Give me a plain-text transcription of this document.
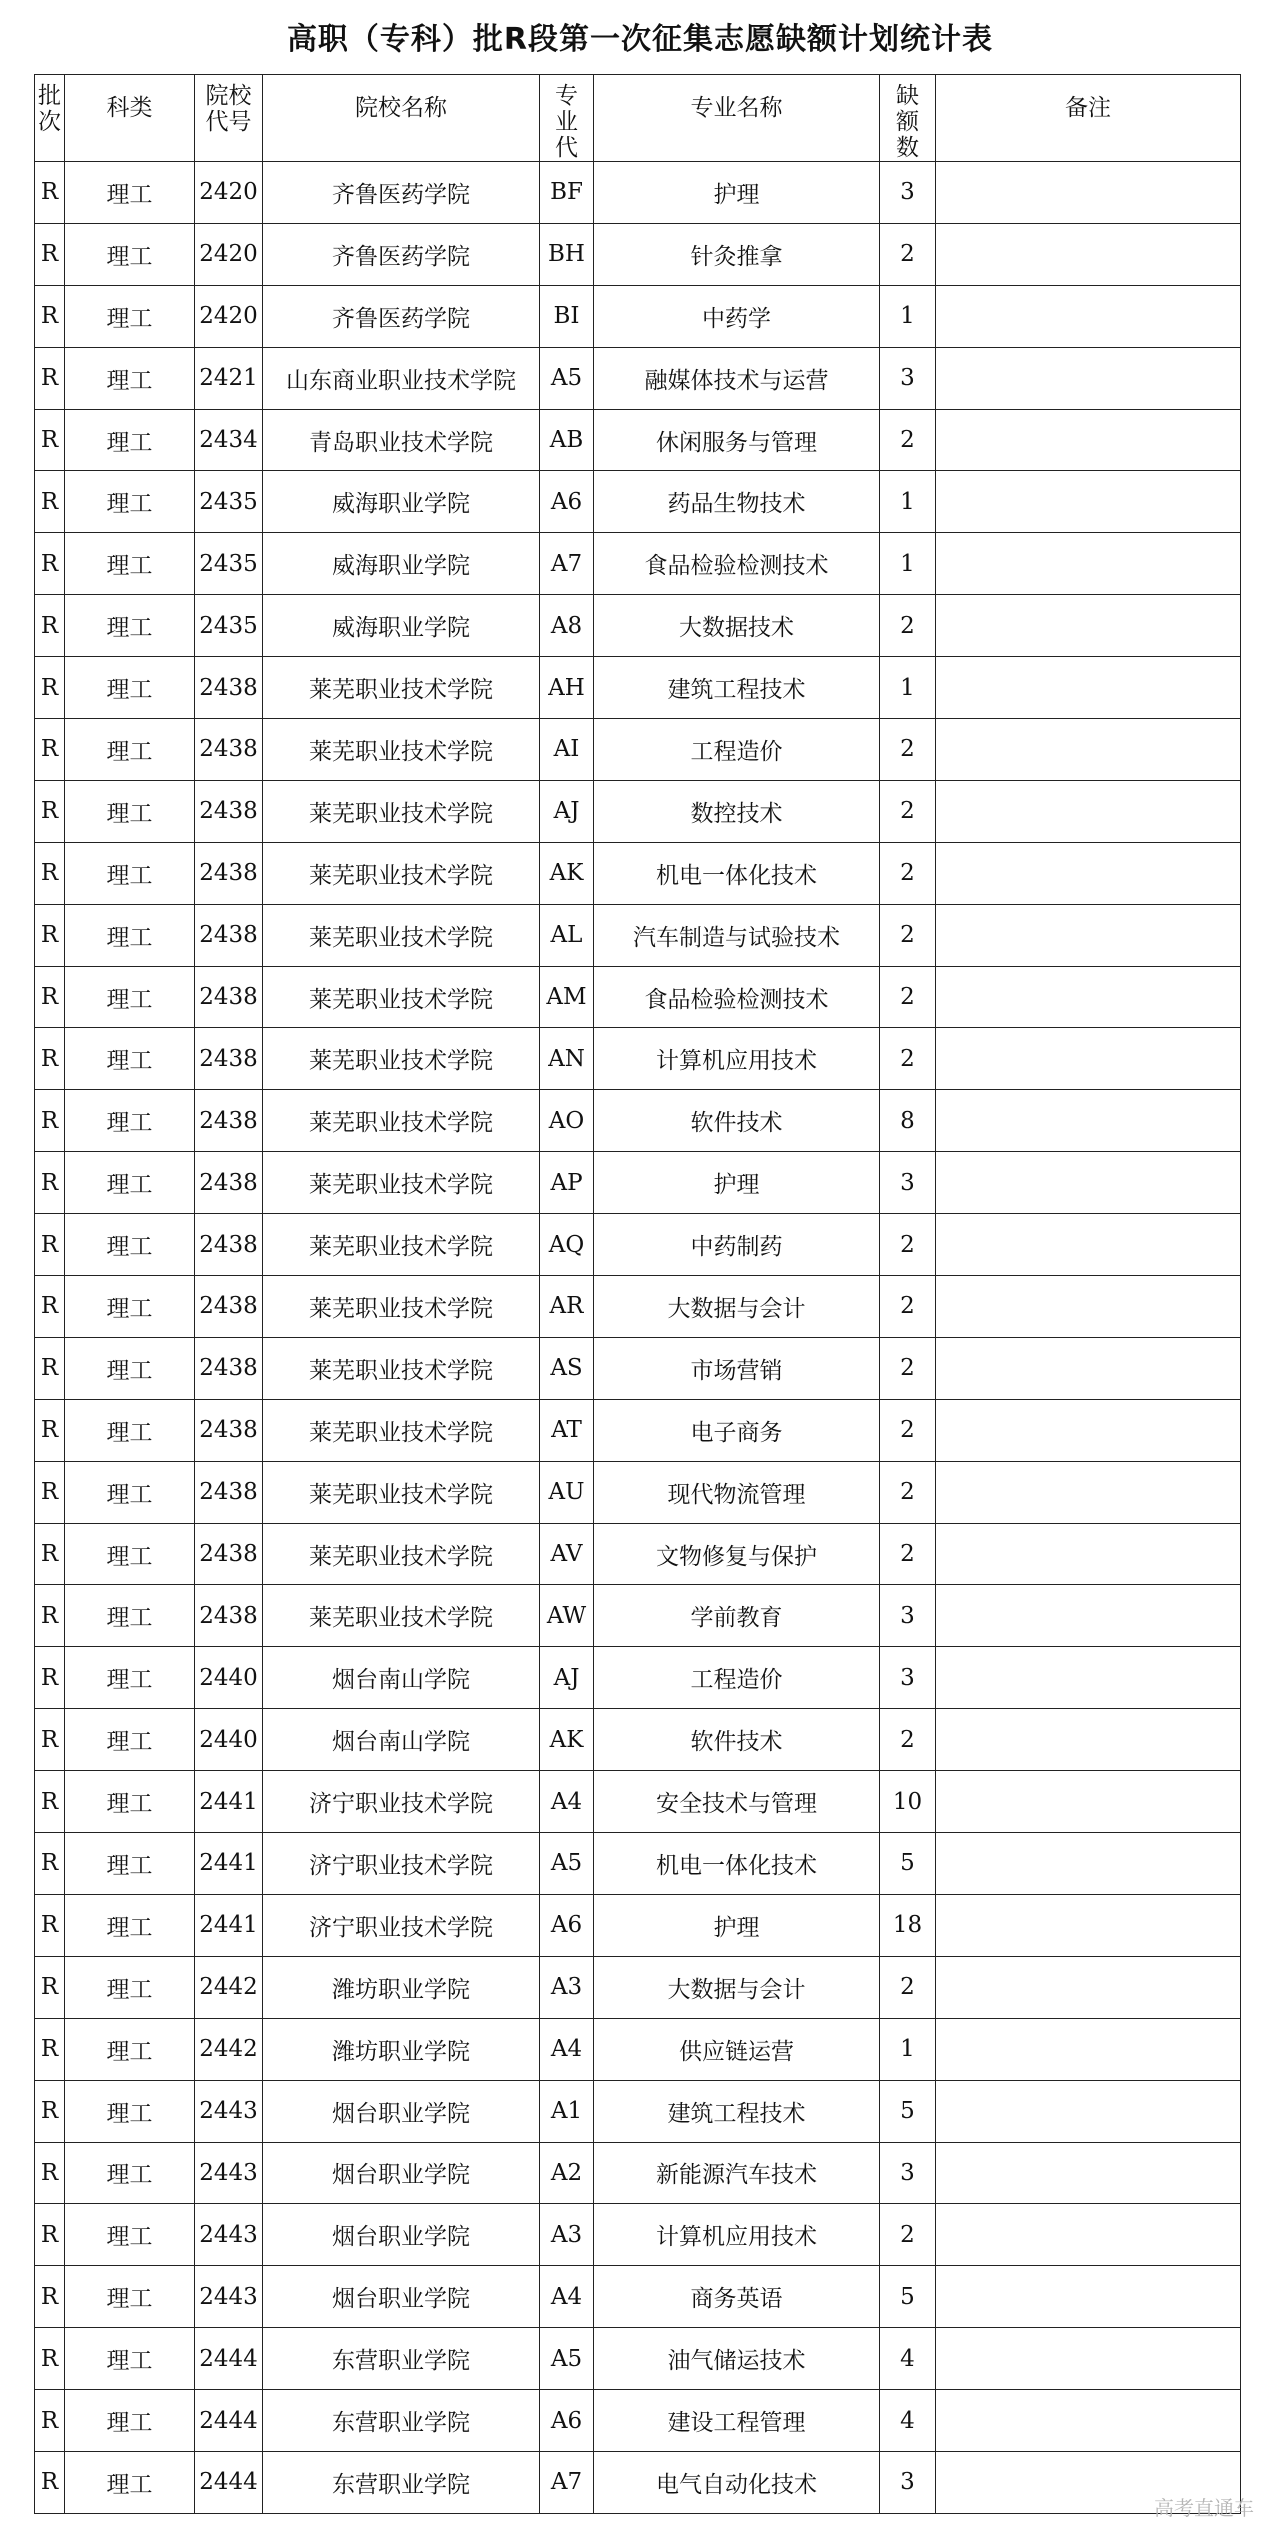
高职（专科）批R段第一次征集志愿缺额计划统计表
批次	科类	院校代号	院校名称	专业代	专业名称	缺额数	备注
R	理工	2420	齐鲁医药学院	BF	护理	3	
R	理工	2420	齐鲁医药学院	BH	针灸推拿	2	
R	理工	2420	齐鲁医药学院	BI	中药学	1	
R	理工	2421	山东商业职业技术学院	A5	融媒体技术与运营	3	
R	理工	2434	青岛职业技术学院	AB	休闲服务与管理	2	
R	理工	2435	威海职业学院	A6	药品生物技术	1	
R	理工	2435	威海职业学院	A7	食品检验检测技术	1	
R	理工	2435	威海职业学院	A8	大数据技术	2	
R	理工	2438	莱芜职业技术学院	AH	建筑工程技术	1	
R	理工	2438	莱芜职业技术学院	AI	工程造价	2	
R	理工	2438	莱芜职业技术学院	AJ	数控技术	2	
R	理工	2438	莱芜职业技术学院	AK	机电一体化技术	2	
R	理工	2438	莱芜职业技术学院	AL	汽车制造与试验技术	2	
R	理工	2438	莱芜职业技术学院	AM	食品检验检测技术	2	
R	理工	2438	莱芜职业技术学院	AN	计算机应用技术	2	
R	理工	2438	莱芜职业技术学院	AO	软件技术	8	
R	理工	2438	莱芜职业技术学院	AP	护理	3	
R	理工	2438	莱芜职业技术学院	AQ	中药制药	2	
R	理工	2438	莱芜职业技术学院	AR	大数据与会计	2	
R	理工	2438	莱芜职业技术学院	AS	市场营销	2	
R	理工	2438	莱芜职业技术学院	AT	电子商务	2	
R	理工	2438	莱芜职业技术学院	AU	现代物流管理	2	
R	理工	2438	莱芜职业技术学院	AV	文物修复与保护	2	
R	理工	2438	莱芜职业技术学院	AW	学前教育	3	
R	理工	2440	烟台南山学院	AJ	工程造价	3	
R	理工	2440	烟台南山学院	AK	软件技术	2	
R	理工	2441	济宁职业技术学院	A4	安全技术与管理	10	
R	理工	2441	济宁职业技术学院	A5	机电一体化技术	5	
R	理工	2441	济宁职业技术学院	A6	护理	18	
R	理工	2442	潍坊职业学院	A3	大数据与会计	2	
R	理工	2442	潍坊职业学院	A4	供应链运营	1	
R	理工	2443	烟台职业学院	A1	建筑工程技术	5	
R	理工	2443	烟台职业学院	A2	新能源汽车技术	3	
R	理工	2443	烟台职业学院	A3	计算机应用技术	2	
R	理工	2443	烟台职业学院	A4	商务英语	5	
R	理工	2444	东营职业学院	A5	油气储运技术	4	
R	理工	2444	东营职业学院	A6	建设工程管理	4	
R	理工	2444	东营职业学院	A7	电气自动化技术	3	
高考直通车
